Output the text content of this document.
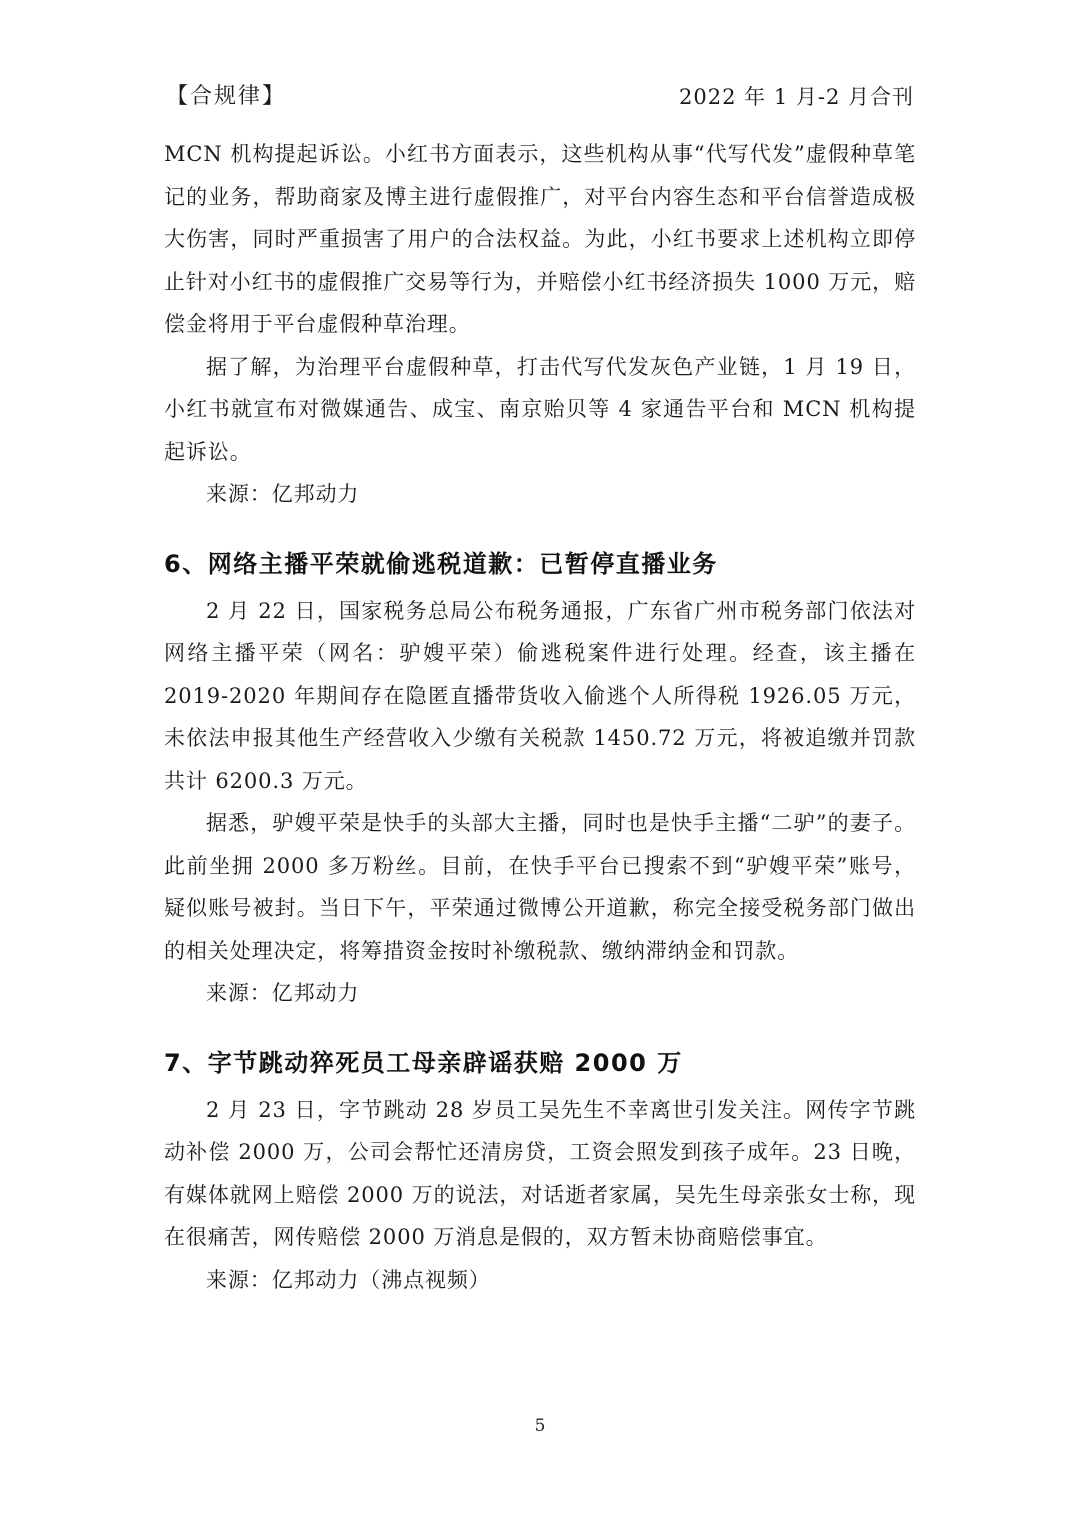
【合规律】	2022 年 1 月-2 月合刊

MCN 机构提起诉讼。小红书方面表示，这些机构从事“代写代发”虚假种草笔记的业务，帮助商家及博主进行虚假推广，对平台内容生态和平台信誉造成极大伤害，同时严重损害了用户的合法权益。为此，小红书要求上述机构立即停止针对小红书的虚假推广交易等行为，并赔偿小红书经济损失 1000 万元，赔偿金将用于平台虚假种草治理。

据了解，为治理平台虚假种草，打击代写代发灰色产业链，1 月 19 日，小红书就宣布对微媒通告、成宝、南京贻贝等 4 家通告平台和 MCN 机构提起诉讼。

来源：亿邦动力

6、网络主播平荣就偷逃税道歉：已暂停直播业务

2 月 22 日，国家税务总局公布税务通报，广东省广州市税务部门依法对网络主播平荣（网名：驴嫂平荣）偷逃税案件进行处理。经查，该主播在 2019-2020 年期间存在隐匿直播带货收入偷逃个人所得税 1926.05 万元，未依法申报其他生产经营收入少缴有关税款 1450.72 万元，将被追缴并罚款共计 6200.3 万元。

据悉，驴嫂平荣是快手的头部大主播，同时也是快手主播“二驴”的妻子。此前坐拥 2000 多万粉丝。目前，在快手平台已搜索不到“驴嫂平荣”账号，疑似账号被封。当日下午，平荣通过微博公开道歉，称完全接受税务部门做出的相关处理决定，将筹措资金按时补缴税款、缴纳滞纳金和罚款。

来源：亿邦动力

7、字节跳动猝死员工母亲辟谣获赔 2000 万

2 月 23 日，字节跳动 28 岁员工吴先生不幸离世引发关注。网传字节跳动补偿 2000 万，公司会帮忙还清房贷，工资会照发到孩子成年。23 日晚，有媒体就网上赔偿 2000 万的说法，对话逝者家属，吴先生母亲张女士称，现在很痛苦，网传赔偿 2000 万消息是假的，双方暂未协商赔偿事宜。

来源：亿邦动力（沸点视频）

5
